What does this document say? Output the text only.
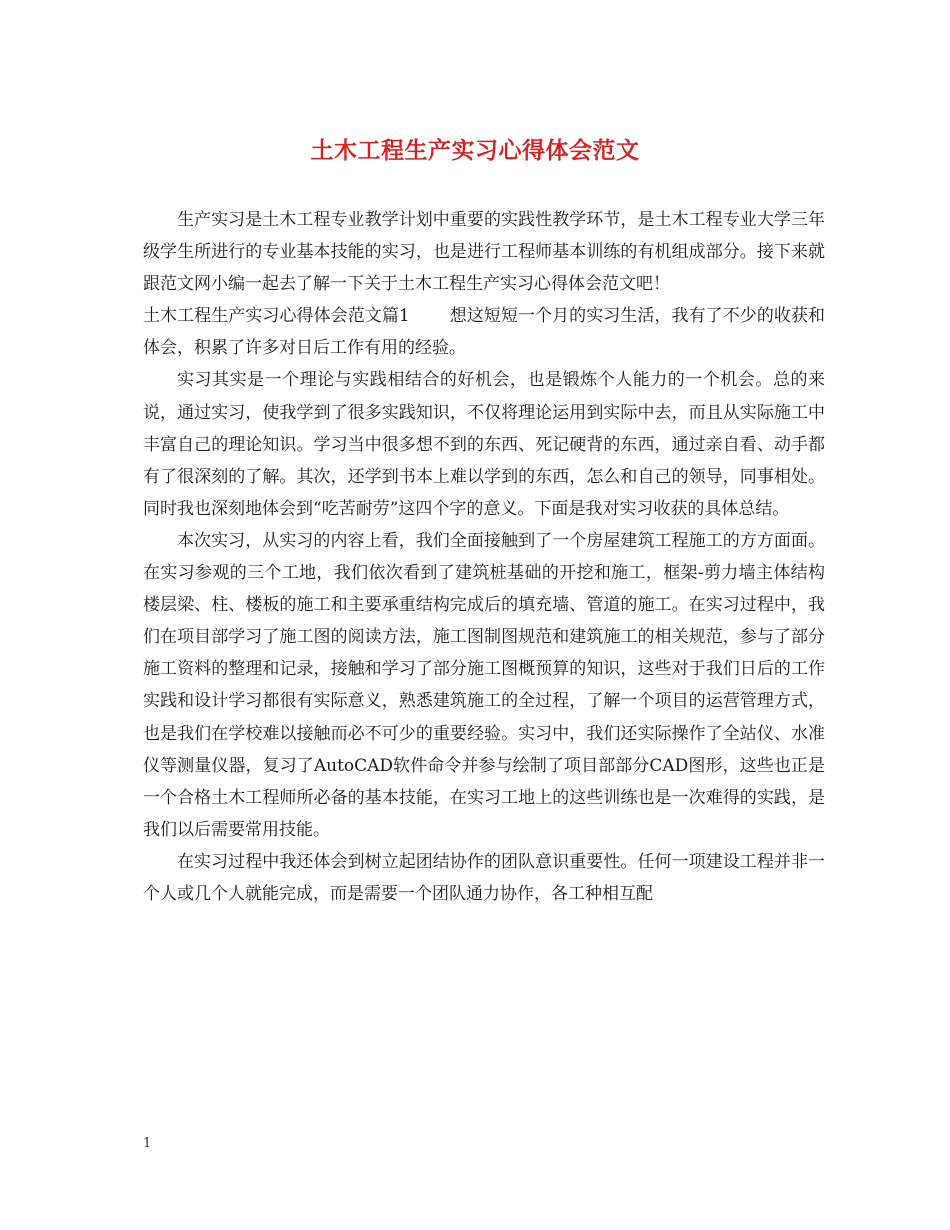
土木工程生产实习心得体会范文

生产实习是土木工程专业教学计划中重要的实践性教学环节，是土木工程专业大学三年级学生所进行的专业基本技能的实习，也是进行工程师基本训练的有机组成部分。接下来就跟范文网小编一起去了解一下关于土木工程生产实习心得体会范文吧！

土木工程生产实习心得体会范文篇1 想这短短一个月的实习生活，我有了不少的收获和体会，积累了许多对日后工作有用的经验。

实习其实是一个理论与实践相结合的好机会，也是锻炼个人能力的一个机会。总的来说，通过实习，使我学到了很多实践知识，不仅将理论运用到实际中去，而且从实际施工中丰富自己的理论知识。学习当中很多想不到的东西、死记硬背的东西，通过亲自看、动手都有了很深刻的了解。其次，还学到书本上难以学到的东西，怎么和自己的领导，同事相处。同时我也深刻地体会到“吃苦耐劳”这四个字的意义。下面是我对实习收获的具体总结。

本次实习，从实习的内容上看，我们全面接触到了一个房屋建筑工程施工的方方面面。在实习参观的三个工地，我们依次看到了建筑桩基础的开挖和施工，框架-剪力墙主体结构楼层梁、柱、楼板的施工和主要承重结构完成后的填充墙、管道的施工。在实习过程中，我们在项目部学习了施工图的阅读方法，施工图制图规范和建筑施工的相关规范，参与了部分施工资料的整理和记录，接触和学习了部分施工图概预算的知识，这些对于我们日后的工作实践和设计学习都很有实际意义，熟悉建筑施工的全过程，了解一个项目的运营管理方式，也是我们在学校难以接触而必不可少的重要经验。实习中，我们还实际操作了全站仪、水准仪等测量仪器，复习了AutoCAD软件命令并参与绘制了项目部部分CAD图形，这些也正是一个合格土木工程师所必备的基本技能，在实习工地上的这些训练也是一次难得的实践，是我们以后需要常用技能。

在实习过程中我还体会到树立起团结协作的团队意识重要性。任何一项建设工程并非一个人或几个人就能完成，而是需要一个团队通力协作，各工种相互配

1
